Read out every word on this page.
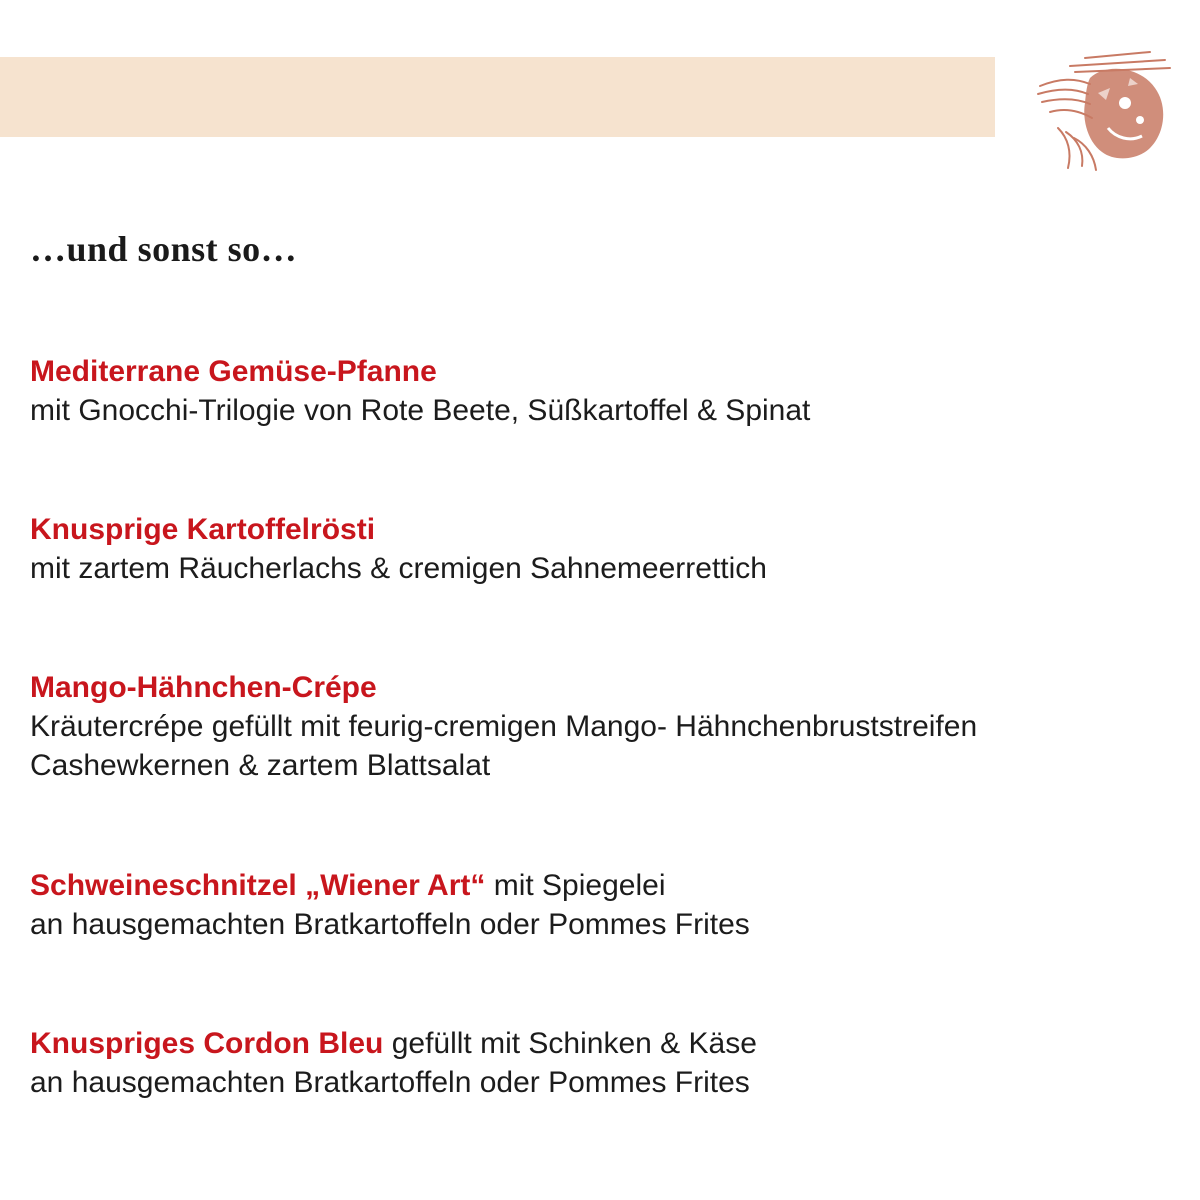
…und sonst so…
Mediterrane Gemüse-Pfanne
mit Gnocchi-Trilogie von Rote Beete, Süßkartoffel & Spinat
Knusprige Kartoffelrösti
mit zartem Räucherlachs & cremigen Sahnemeerrettich
Mango-Hähnchen-Crépe
Kräutercrépe gefüllt mit feurig-cremigen Mango- Hähnchenbruststreifen
Cashewkernen & zartem Blattsalat
Schweineschnitzel „Wiener Art“ mit Spiegelei
an hausgemachten Bratkartoffeln oder Pommes Frites
Knuspriges Cordon Bleu gefüllt mit Schinken & Käse
an hausgemachten Bratkartoffeln oder Pommes Frites
